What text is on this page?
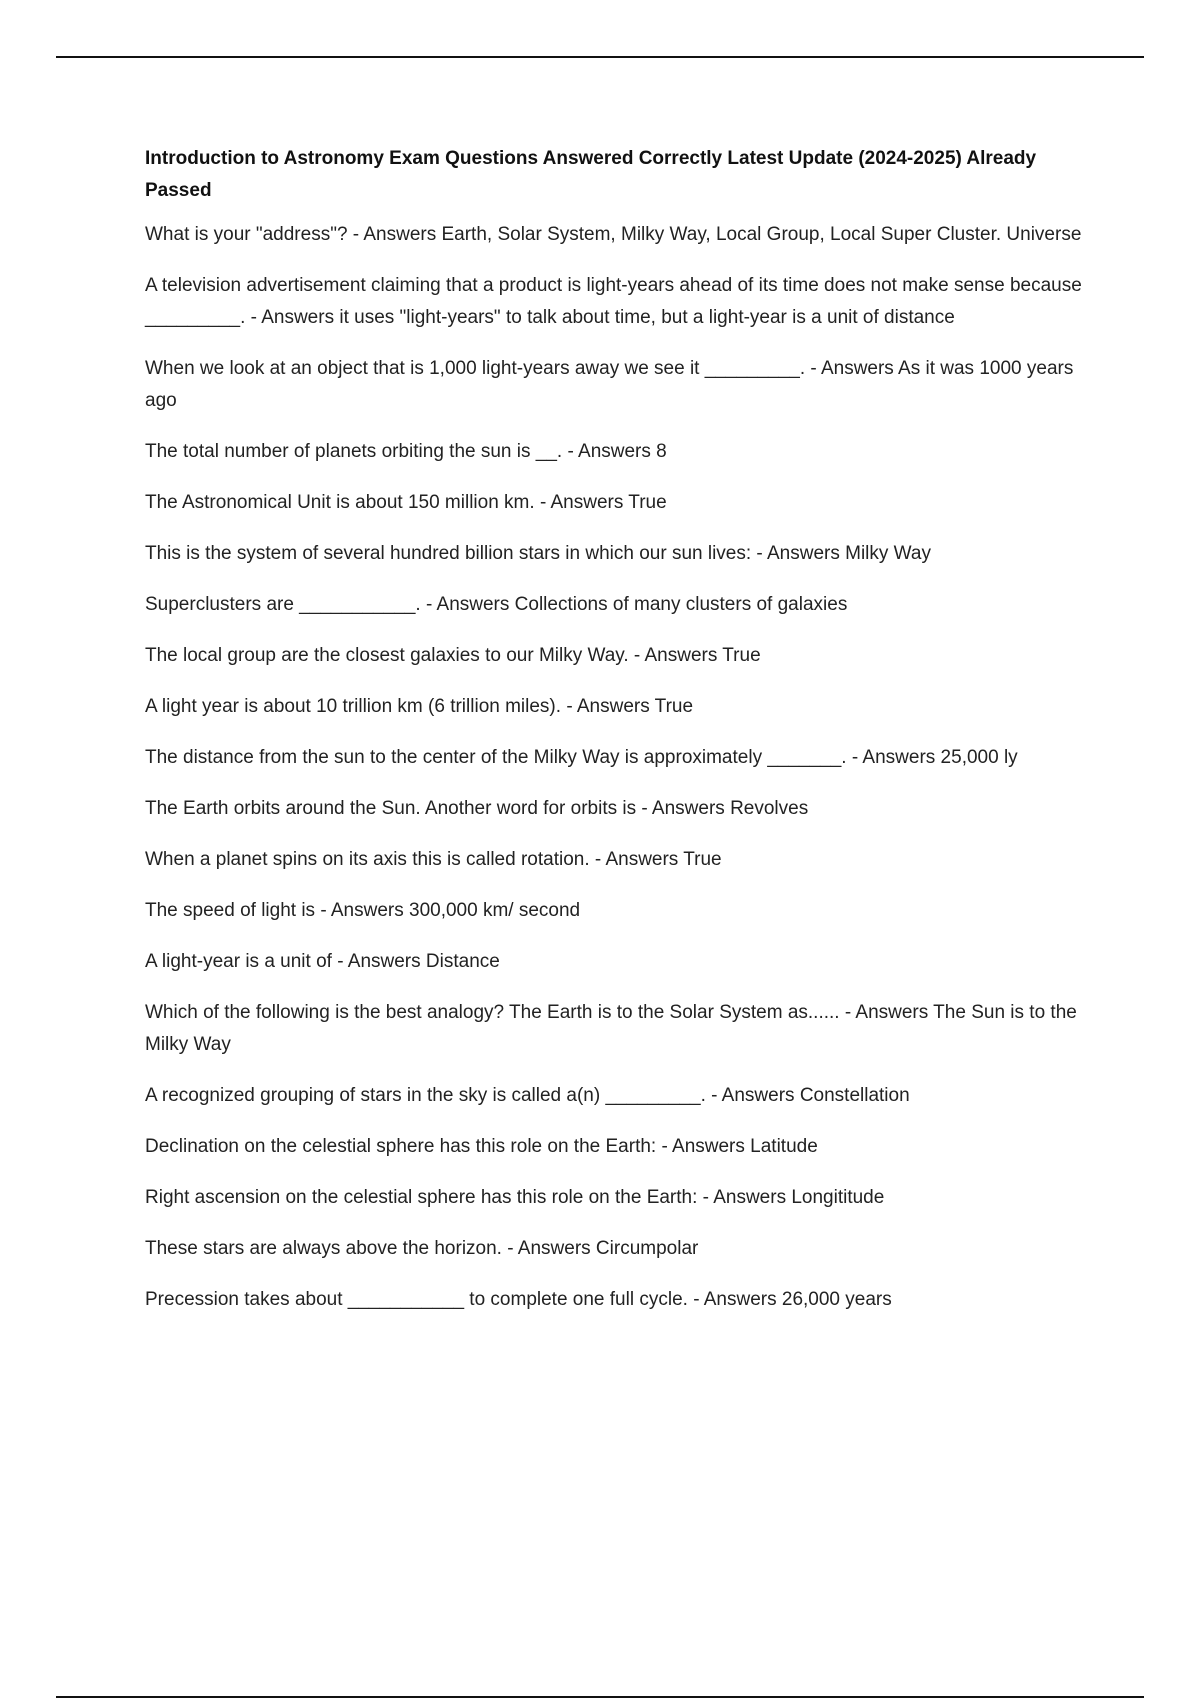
Introduction to Astronomy Exam Questions Answered Correctly Latest Update (2024-2025) Already Passed
What is your "address"? - Answers Earth, Solar System, Milky Way, Local Group, Local Super Cluster. Universe
A television advertisement claiming that a product is light-years ahead of its time does not make sense because _________. - Answers it uses "light-years" to talk about time, but a light-year is a unit of distance
When we look at an object that is 1,000 light-years away we see it _________. - Answers As it was 1000 years ago
The total number of planets orbiting the sun is __. - Answers 8
The Astronomical Unit is about 150 million km. - Answers True
This is the system of several hundred billion stars in which our sun lives: - Answers Milky Way
Superclusters are ___________. - Answers Collections of many clusters of galaxies
The local group are the closest galaxies to our Milky Way. - Answers True
A light year is about 10 trillion km (6 trillion miles). - Answers True
The distance from the sun to the center of the Milky Way is approximately _______. - Answers 25,000 ly
The Earth orbits around the Sun. Another word for orbits is - Answers Revolves
When a planet spins on its axis this is called rotation. - Answers True
The speed of light is - Answers 300,000 km/ second
A light-year is a unit of - Answers Distance
Which of the following is the best analogy? The Earth is to the Solar System as...... - Answers The Sun is to the Milky Way
A recognized grouping of stars in the sky is called a(n) _________. - Answers Constellation
Declination on the celestial sphere has this role on the Earth: - Answers Latitude
Right ascension on the celestial sphere has this role on the Earth: - Answers Longititude
These stars are always above the horizon. - Answers Circumpolar
Precession takes about ___________ to complete one full cycle. - Answers 26,000 years
